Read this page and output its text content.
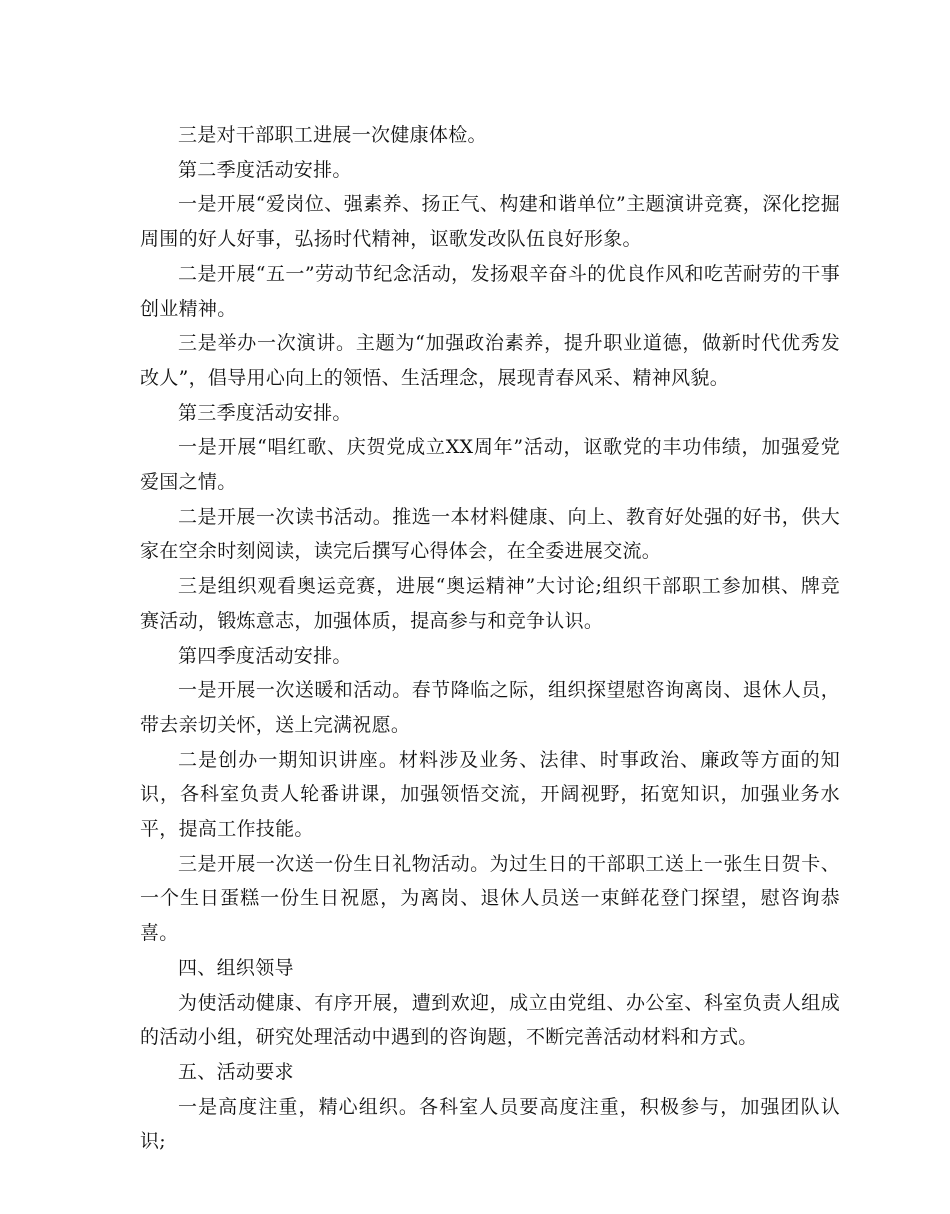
三是对干部职工进展一次健康体检。

第二季度活动安排。

一是开展“爱岗位、强素养、扬正气、构建和谐单位”主题演讲竞赛，深化挖掘周围的好人好事，弘扬时代精神，讴歌发改队伍良好形象。

二是开展“五一”劳动节纪念活动，发扬艰辛奋斗的优良作风和吃苦耐劳的干事创业精神。

三是举办一次演讲。主题为“加强政治素养，提升职业道德，做新时代优秀发改人”，倡导用心向上的领悟、生活理念，展现青春风采、精神风貌。

第三季度活动安排。

一是开展“唱红歌、庆贺党成立XX周年”活动，讴歌党的丰功伟绩，加强爱党爱国之情。

二是开展一次读书活动。推选一本材料健康、向上、教育好处强的好书，供大家在空余时刻阅读，读完后撰写心得体会，在全委进展交流。

三是组织观看奥运竞赛，进展“奥运精神”大讨论;组织干部职工参加棋、牌竞赛活动，锻炼意志，加强体质，提高参与和竞争认识。

第四季度活动安排。

一是开展一次送暖和活动。春节降临之际，组织探望慰咨询离岗、退休人员，带去亲切关怀，送上完满祝愿。

二是创办一期知识讲座。材料涉及业务、法律、时事政治、廉政等方面的知识，各科室负责人轮番讲课，加强领悟交流，开阔视野，拓宽知识，加强业务水平，提高工作技能。

三是开展一次送一份生日礼物活动。为过生日的干部职工送上一张生日贺卡、一个生日蛋糕一份生日祝愿，为离岗、退休人员送一束鲜花登门探望，慰咨询恭喜。

四、组织领导

为使活动健康、有序开展，遭到欢迎，成立由党组、办公室、科室负责人组成的活动小组，研究处理活动中遇到的咨询题，不断完善活动材料和方式。

五、活动要求

一是高度注重，精心组织。各科室人员要高度注重，积极参与，加强团队认识;
